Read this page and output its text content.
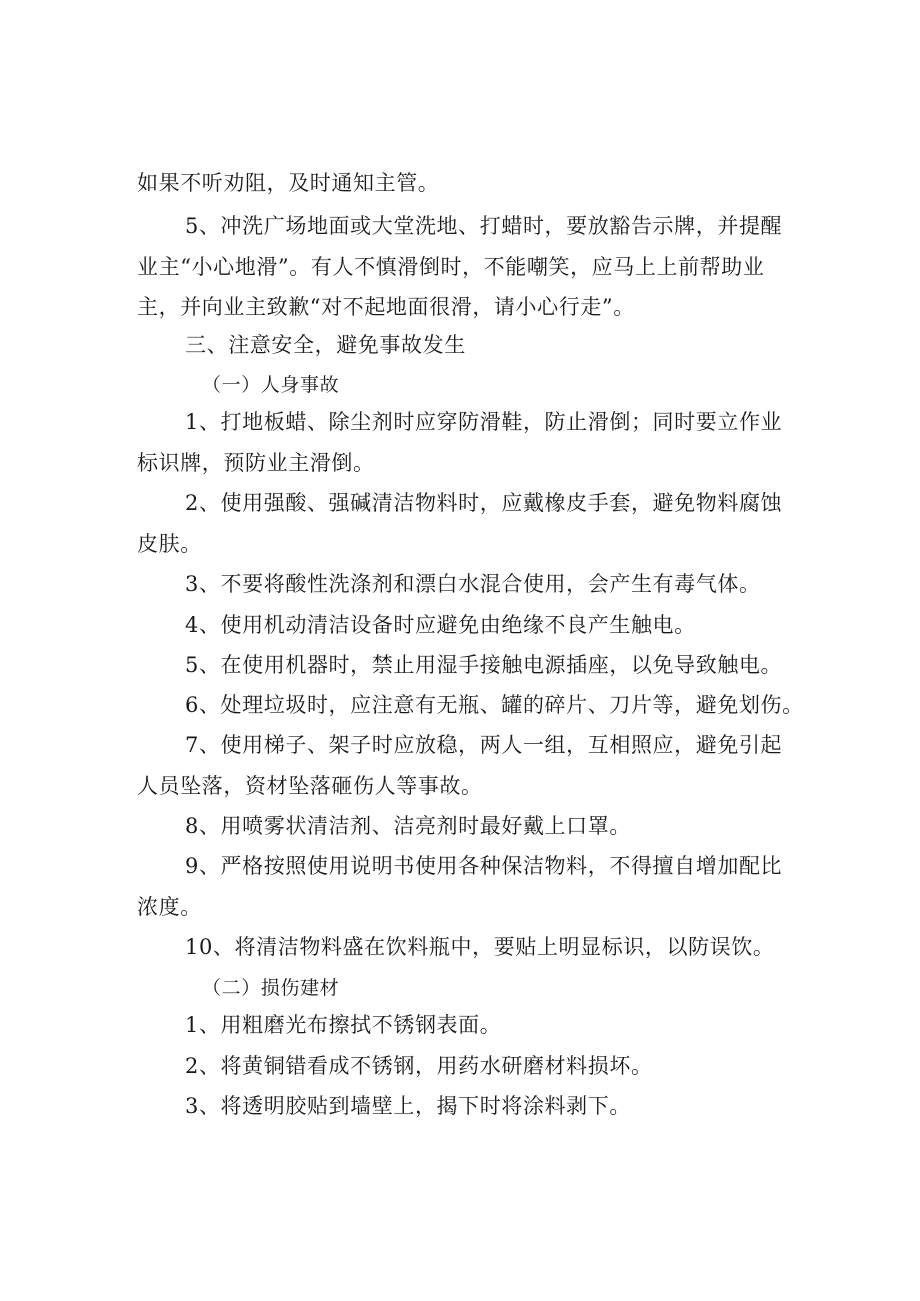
如果不听劝阻，及时通知主管。
5、冲洗广场地面或大堂洗地、打蜡时，要放豁告示牌，并提醒
业主“小心地滑”。有人不慎滑倒时，不能嘲笑，应马上上前帮助业
主，并向业主致歉“对不起地面很滑，请小心行走”。
三、注意安全，避免事故发生
（一）人身事故
1、打地板蜡、除尘剂时应穿防滑鞋，防止滑倒；同时要立作业
标识牌，预防业主滑倒。
2、使用强酸、强碱清洁物料时，应戴橡皮手套，避免物料腐蚀
皮肤。
3、不要将酸性洗涤剂和漂白水混合使用，会产生有毒气体。
4、使用机动清洁设备时应避免由绝缘不良产生触电。
5、在使用机器时，禁止用湿手接触电源插座，以免导致触电。
6、处理垃圾时，应注意有无瓶、罐的碎片、刀片等，避免划伤。
7、使用梯子、架子时应放稳，两人一组，互相照应，避免引起
人员坠落，资材坠落砸伤人等事故。
8、用喷雾状清洁剂、洁亮剂时最好戴上口罩。
9、严格按照使用说明书使用各种保洁物料，不得擅自增加配比
浓度。
10、将清洁物料盛在饮料瓶中，要贴上明显标识，以防误饮。
（二）损伤建材
1、用粗磨光布擦拭不锈钢表面。
2、将黄铜错看成不锈钢，用药水研磨材料损坏。
3、将透明胶贴到墙壁上，揭下时将涂料剥下。
